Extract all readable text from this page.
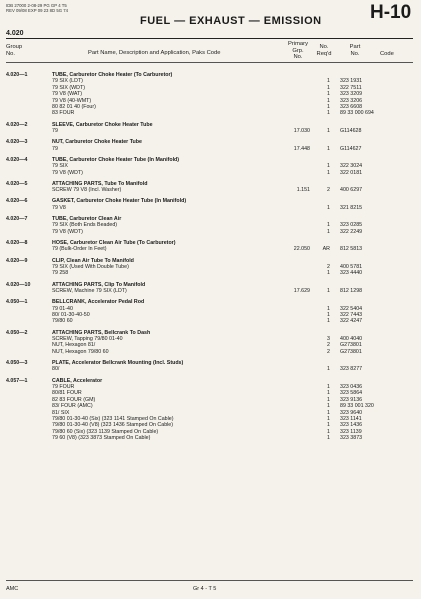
IDB 27000 2-08-29 PG GP 4 T5
REV 09/08 EXP 09 23 8D 5G 74
FUEL — EXHAUST — EMISSION	H-10
4.020
Group
No.	Part Name, Description and Application, Paks Code
Primary
Grp.
No.
No.
Req'd
Part
No.	Code
4.020—1	TUBE, Carburetor Choke Heater (To Carburetor)
79 SIX (LDT)	1 323 1931
79 SIX (WDT)	1 322 7511
79 V8 (WAT)	1 323 3209
79 V8 (40-WMT)	1 323 3206
80 82 01 40 (Four)	1 323 6608
83 FOUR	1 89 33 000 694
4.020—2	SLEEVE, Carburetor Choke Heater Tube
79	17.030	1 G114628
4.020—3	NUT, Carburetor Choke Heater Tube
79	17.448	1 G114627
4.020—4	TUBE, Carburetor Choke Heater Tube (In Manifold)
79 SIX	1 322 3024
79 V8 (WDT)	1 322 0181
4.020—5	ATTACHING PARTS, Tube To Manifold
SCREW 79 V8 (Incl. Washer)	1.151	2 400 6297
4.020—6	GASKET, Carburetor Choke Heater Tube (In Manifold)
79 V8	1 321 8215
4.020—7	TUBE, Carburetor Clean Air
79 SIX (Both Ends Beaded)	1 323 0285
79 V8 (WDT)	1 322 2249
4.020—8	HOSE, Carburetor Clean Air Tube (To Carburetor)
79 (Bulk-Order In Feet)	22.050 AR 812 5813
4.020—9	CLIP, Clean Air Tube To Manifold
79 SIX (Used With Double Tube)	2 400 5781
79 258	1 323 4440
4.020—10	ATTACHING PARTS, Clip To Manifold
SCREW, Machine 79 SIX (LDT)	17.629	1 812 1298
4.050—1	BELLCRANK, Accelerator Pedal Rod
79 01-40	1 322 5404
80/ 01-30-40-50	1 322 7443
79/80 60	1 322 4247
4.050—2	ATTACHING PARTS, Bellcrank To Dash
SCREW, Tapping 79/80 01-40	3 400 4040
NUT, Hexagon 81/	2 G273801
NUT, Hexagon 79/80 60	2 G273801
4.050—3	PLATE, Accelerator Bellcrank Mounting (Incl. Studs)
80/	1 323 8277
4.057—1	CABLE, Accelerator
79 FOUR	1 323 0436
80/81 FOUR	1 323 5864
82 83 FOUR (GM)	1 323 9136
83/ FOUR (AMC)	1 89 33 001 320
81/ SIX	1 323 9640
79/80 01-30-40 (Six) (323 1141 Stamped On Cable)	1 323 1141
79/80 01-30-40 (V8) (323 1436 Stamped On Cable)	1 323 1436
79/80 60 (Six) (323 1139 Stamped On Cable)	1 323 1139
79 60 (V8) (323 3873 Stamped On Cable)	1 323 3873
AMC	Gr 4 - T 5
